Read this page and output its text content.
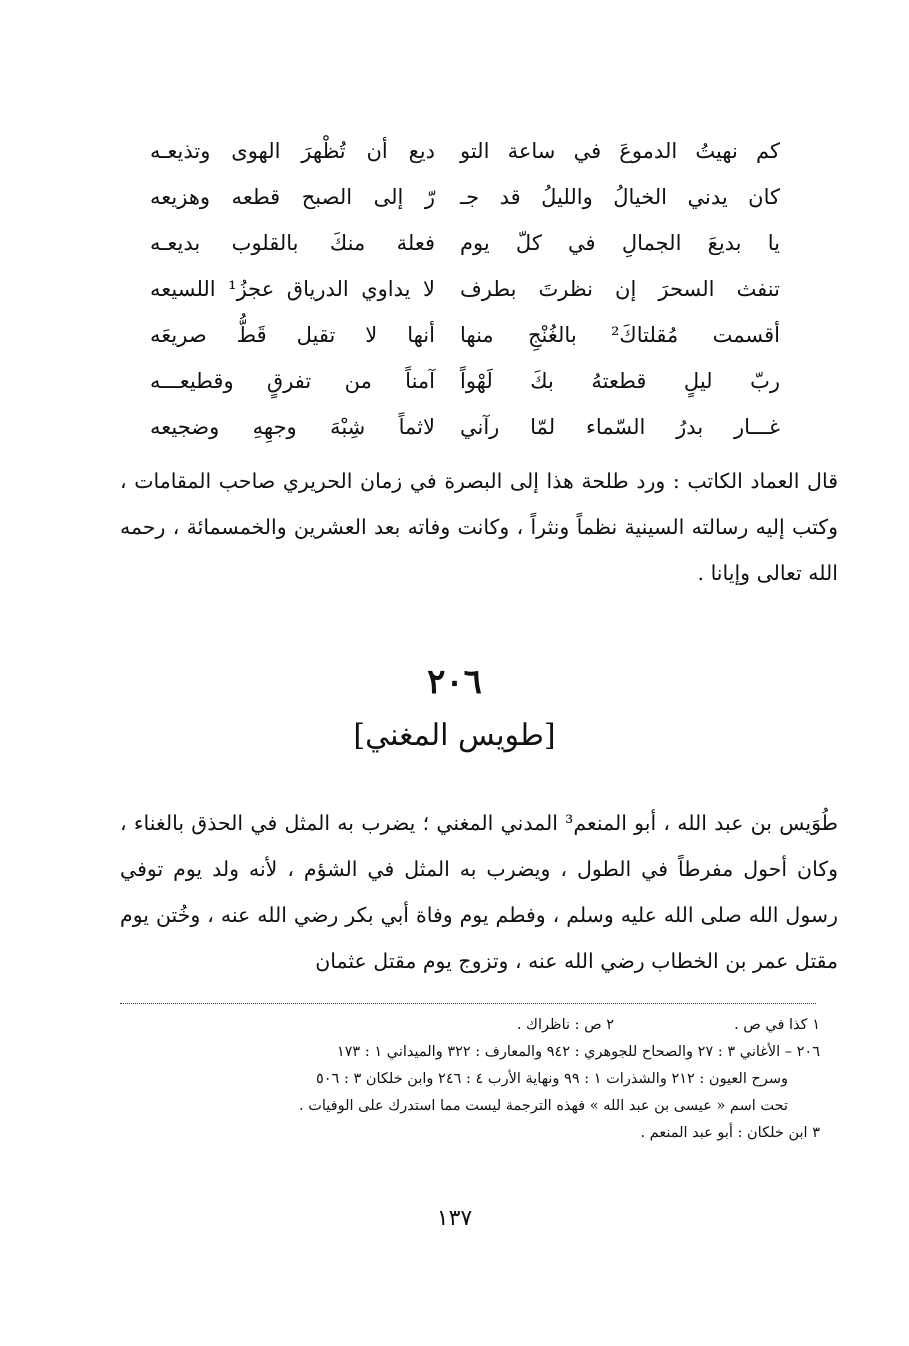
كم نهيتُ الدموعَ في ساعة التو
ديع أن تُظْهرَ الهوى وتذيعـه
كان يدني الخيالُ والليلُ قد جـ
رّ إلى الصبح قطعه وهزيعه
يا بديعَ الجمالِ في كلّ يوم
فعلة منكَ بالقلوب بديعـه
تنفث السحرَ إن نظرتَ بطرف
لا يداوي الدرياق عجزُ¹ اللسيعه
أقسمت مُقلتاكَ² بالغُنْجِ منها
أنها لا تقيل قَطُّ صريعَه
ربّ ليلٍ قطعتهُ بكَ لَهْواً
آمناً من تفرقٍ وقطيعـــه
غـــار بدرُ السّماء لمّا رآني
لاثماً شِبْهَ وجهِهِ وضجيعه

قال العماد الكاتب : ورد طلحة هذا إلى البصرة في زمان الحريري صاحب المقامات ، وكتب إليه رسالته السينية نظماً ونثراً ، وكانت وفاته بعد العشرين والخمسمائة ، رحمه الله تعالى وإيانا .

٢٠٦
[طويس المغني]

طُوَيس بن عبد الله ، أبو المنعم³ المدني المغني ؛ يضرب به المثل في الحذق بالغناء ، وكان أحول مفرطاً في الطول ، ويضرب به المثل في الشؤم ، لأنه ولد يوم توفي رسول الله صلى الله عليه وسلم ، وفطم يوم وفاة أبي بكر رضي الله عنه ، وخُتن يوم مقتل عمر بن الخطاب رضي الله عنه ، وتزوج يوم مقتل عثمان

١ كذا في ص .
٢ ص : ناظراك .
٢٠٦ – الأغاني ٣ : ٢٧ والصحاح للجوهري : ٩٤٢ والمعارف : ٣٢٢ والميداني ١ : ١٧٣
وسرح العيون : ٢١٢ والشذرات ١ : ٩٩ ونهاية الأرب ٤ : ٢٤٦ وابن خلكان ٣ : ٥٠٦
تحت اسم « عيسى بن عبد الله » فهذه الترجمة ليست مما استدرك على الوفيات .
٣ ابن خلكان : أبو عبد المنعم .
١٣٧
